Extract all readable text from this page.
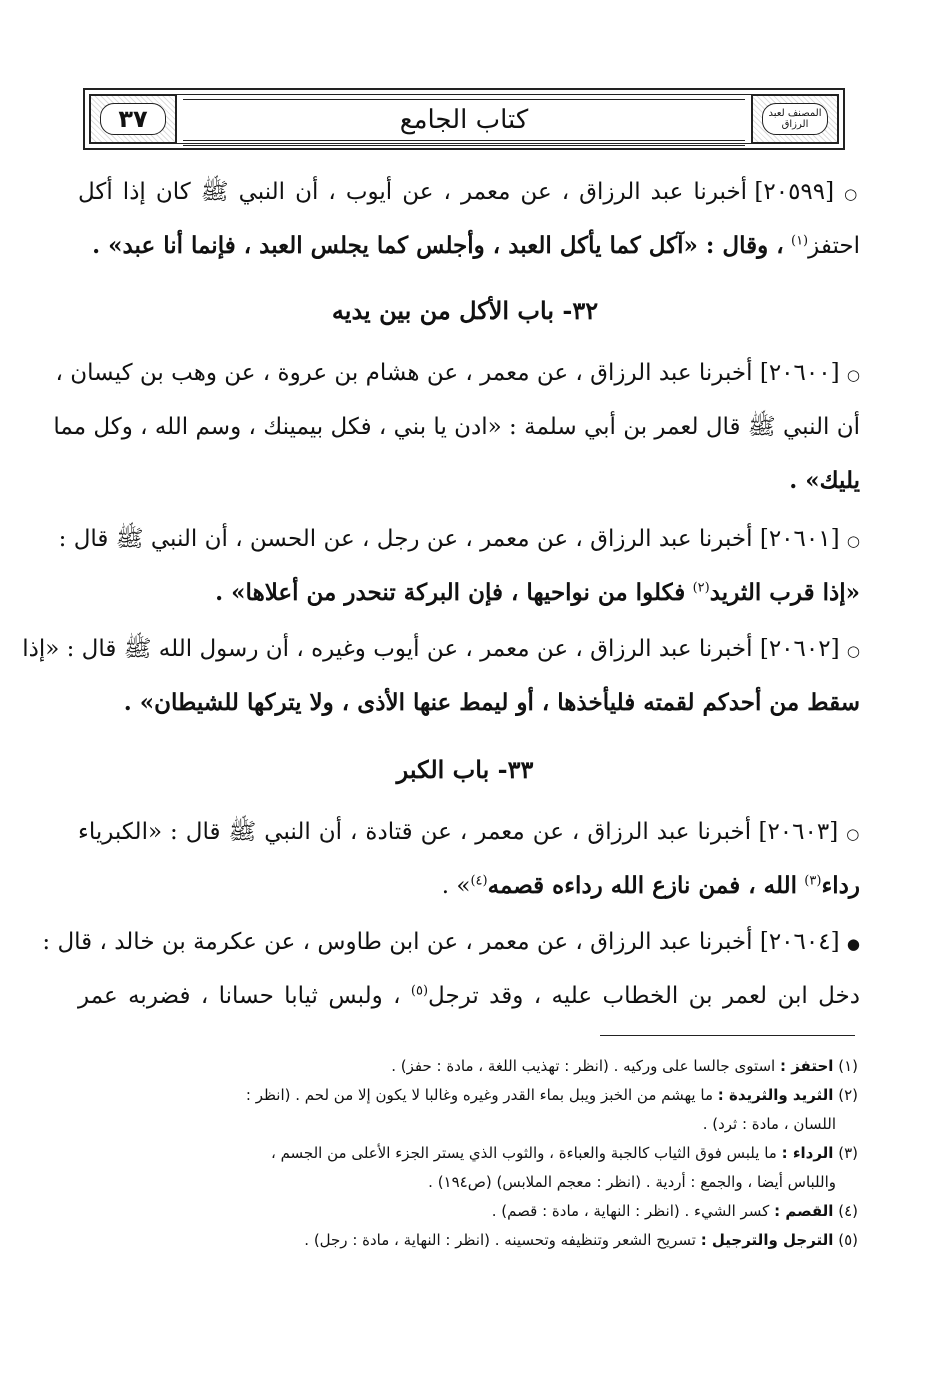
٣٧	كتاب الجامع	المصنف لعبد الرزاق
○ [٢٠٥٩٩] أخبرنا عبد الرزاق ، عن معمر ، عن أيوب ، أن النبي ﷺ كان إذا أكل
احتفز$^{(١)}$ ، وقال : «آكل كما يأكل العبد ، وأجلس كما يجلس العبد ، فإنما أنا عبد» .
٣٢- باب الأكل من بين يديه
○ [٢٠٦٠٠] أخبرنا عبد الرزاق ، عن معمر ، عن هشام بن عروة ، عن وهب بن كيسان ،
أن النبي ﷺ قال لعمر بن أبي سلمة : «ادن يا بني ، فكل بيمينك ، وسم الله ، وكل مما
يليك» .
○ [٢٠٦٠١] أخبرنا عبد الرزاق ، عن معمر ، عن رجل ، عن الحسن ، أن النبي ﷺ قال :
«إذا قرب الثريد$^{(٢)}$ فكلوا من نواحيها ، فإن البركة تنحدر من أعلاها» .
○ [٢٠٦٠٢] أخبرنا عبد الرزاق ، عن معمر ، عن أيوب وغيره ، أن رسول الله ﷺ قال : «إذا
سقط من أحدكم لقمته فليأخذها ، أو ليمط عنها الأذى ، ولا يتركها للشيطان» .
٣٣- باب الكبر
○ [٢٠٦٠٣] أخبرنا عبد الرزاق ، عن معمر ، عن قتادة ، أن النبي ﷺ قال : «الكبرياء
رداء$^{(٣)}$ الله ، فمن نازع الله رداءه قصمه$^{(٤)}$» .
● [٢٠٦٠٤] أخبرنا عبد الرزاق ، عن معمر ، عن ابن طاوس ، عن عكرمة بن خالد ، قال :
دخل ابن لعمر بن الخطاب عليه ، وقد ترجل$^{(٥)}$ ، ولبس ثيابا حسانا ، فضربه عمر
(١) احتفز : استوى جالسا على وركيه . (انظر : تهذيب اللغة ، مادة : حفز) .
(٢) الثريد والثريدة : ما يهشم من الخبز ويبل بماء القدر وغيره وغالبا لا يكون إلا من لحم . (انظر :
اللسان ، مادة : ثرد) .
(٣) الرداء : ما يلبس فوق الثياب كالجبة والعباءة ، والثوب الذي يستر الجزء الأعلى من الجسم ،
واللباس أيضا ، والجمع : أردية . (انظر : معجم الملابس) (ص١٩٤) .
(٤) القصم : كسر الشيء . (انظر : النهاية ، مادة : قصم) .
(٥) الترجل والترجيل : تسريح الشعر وتنظيفه وتحسينه . (انظر : النهاية ، مادة : رجل) .
